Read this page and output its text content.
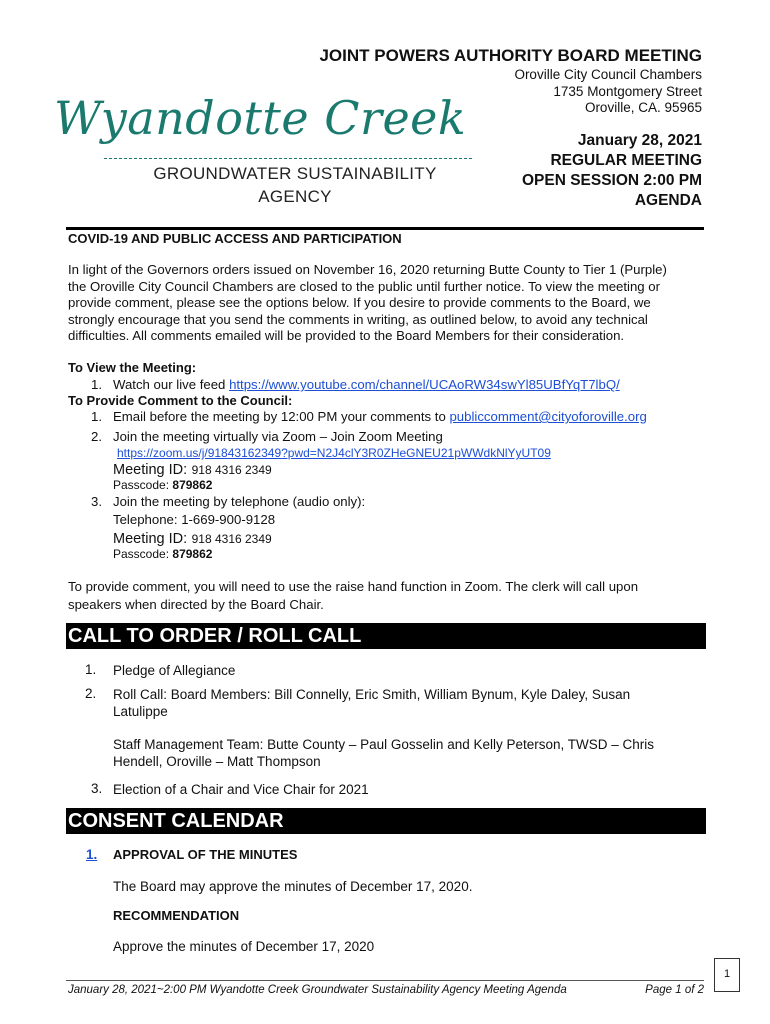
JOINT POWERS AUTHORITY BOARD MEETING
Oroville City Council Chambers
1735 Montgomery Street
Oroville, CA. 95965
January 28, 2021
REGULAR MEETING
OPEN SESSION 2:00 PM
AGENDA
Wyandotte Creek
GROUNDWATER SUSTAINABILITY
AGENCY
COVID-19 AND PUBLIC ACCESS AND PARTICIPATION
In light of the Governors orders issued on November 16, 2020 returning Butte County to Tier 1 (Purple)
the Oroville City Council Chambers are closed to the public until further notice. To view the meeting or
provide comment, please see the options below. If you desire to provide comments to the Board, we
strongly encourage that you send the comments in writing, as outlined below, to avoid any technical
difficulties. All comments emailed will be provided to the Board Members for their consideration.
To View the Meeting:
1. Watch our live feed https://www.youtube.com/channel/UCAoRW34swYl85UBfYqT7lbQ/
To Provide Comment to the Council:
1. Email before the meeting by 12:00 PM your comments to publiccomment@cityoforoville.org
2. Join the meeting virtually via Zoom – Join Zoom Meeting
https://zoom.us/j/91843162349?pwd=N2J4clY3R0ZHeGNEU21pWWdkNlYyUT09
Meeting ID: 918 4316 2349
Passcode: 879862
3. Join the meeting by telephone (audio only):
Telephone: 1-669-900-9128
Meeting ID: 918 4316 2349
Passcode: 879862
To provide comment, you will need to use the raise hand function in Zoom. The clerk will call upon
speakers when directed by the Board Chair.
CALL TO ORDER / ROLL CALL
1. Pledge of Allegiance
2. Roll Call: Board Members: Bill Connelly, Eric Smith, William Bynum, Kyle Daley, Susan
Latulippe
Staff Management Team: Butte County – Paul Gosselin and Kelly Peterson, TWSD – Chris
Hendell, Oroville – Matt Thompson
3. Election of a Chair and Vice Chair for 2021
CONSENT CALENDAR
1. APPROVAL OF THE MINUTES
The Board may approve the minutes of December 17, 2020.
RECOMMENDATION
Approve the minutes of December 17, 2020
January 28, 2021~2:00 PM Wyandotte Creek Groundwater Sustainability Agency Meeting Agenda	Page 1 of 2
1
